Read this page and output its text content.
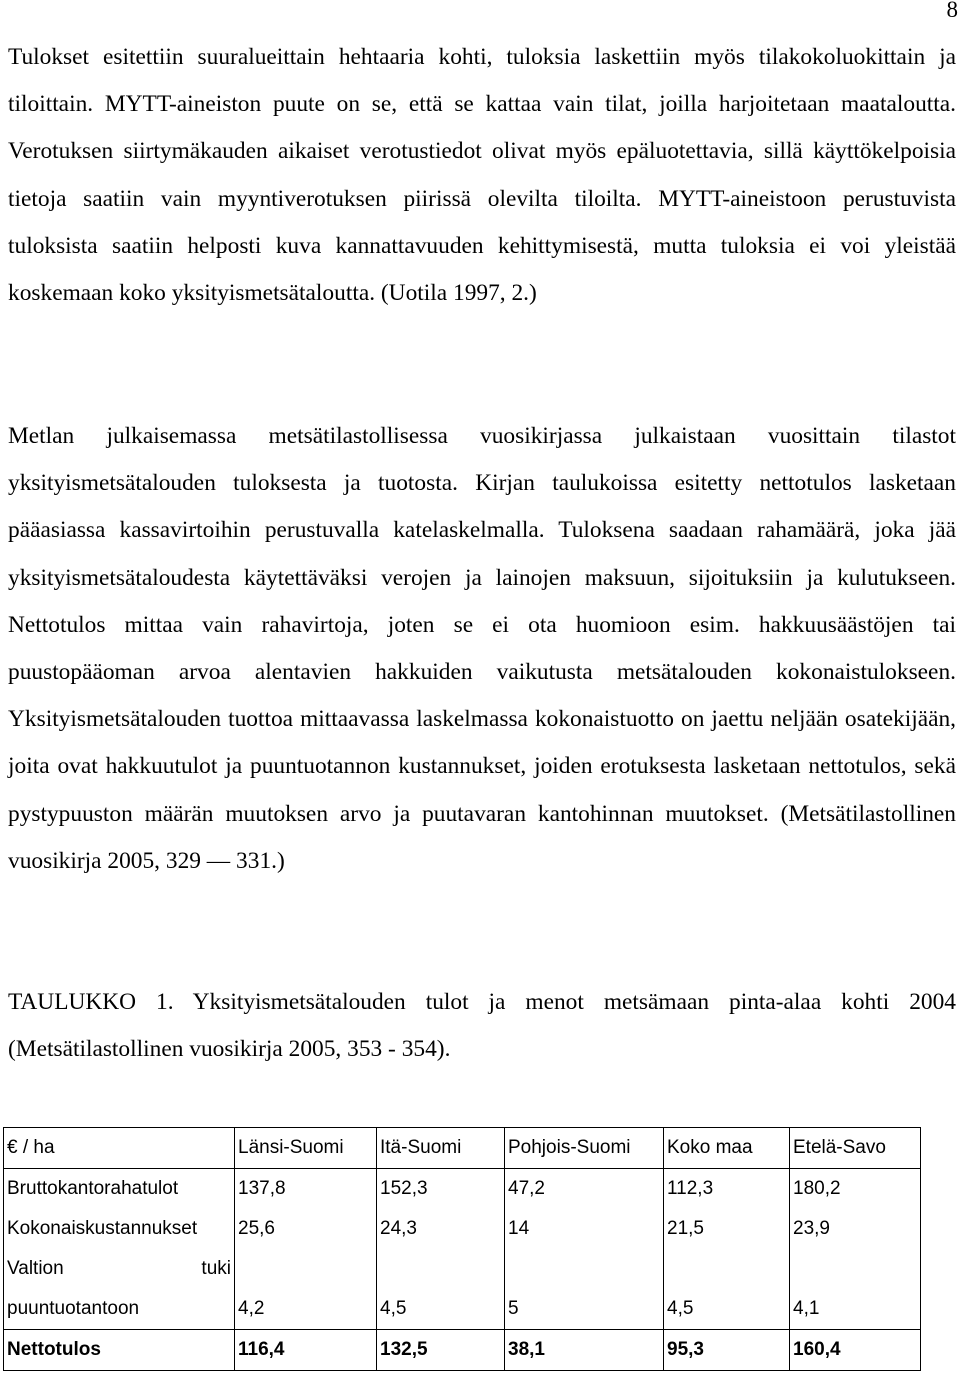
8

Tulokset esitettiin suuralueittain hehtaaria kohti, tuloksia laskettiin myös tilakokoluokittain ja tiloittain. MYTT-aineiston puute on se, että se kattaa vain tilat, joilla harjoitetaan maataloutta. Verotuksen siirtymäkauden aikaiset verotustiedot olivat myös epäluotettavia, sillä käyttökelpoisia tietoja saatiin vain myyntiverotuksen piirissä olevilta tiloilta. MYTT-aineistoon perustuvista tuloksista saatiin helposti kuva kannattavuuden kehittymisestä, mutta tuloksia ei voi yleistää koskemaan koko yksityismetsätaloutta. (Uotila 1997, 2.)

Metlan julkaisemassa metsätilastollisessa vuosikirjassa julkaistaan vuosittain tilastot yksityismetsätalouden tuloksesta ja tuotosta. Kirjan taulukoissa esitetty nettotulos lasketaan pääasiassa kassavirtoihin perustuvalla katelaskelmalla. Tuloksena saadaan rahamäärä, joka jää yksityismetsätaloudesta käytettäväksi verojen ja lainojen maksuun, sijoituksiin ja kulutukseen. Nettotulos mittaa vain rahavirtoja, joten se ei ota huomioon esim. hakkuusäästöjen tai puustopääoman arvoa alentavien hakkuiden vaikutusta metsätalouden kokonaistulokseen. Yksityismetsätalouden tuottoa mittaavassa laskelmassa kokonaistuotto on jaettu neljään osatekijään, joita ovat hakkuutulot ja puuntuotannon kustannukset, joiden erotuksesta lasketaan nettotulos, sekä pystypuuston määrän muutoksen arvo ja puutavaran kantohinnan muutokset. (Metsätilastollinen vuosikirja 2005, 329 — 331.)

TAULUKKO 1. Yksityismetsätalouden tulot ja menot metsämaan pinta-alaa kohti 2004 (Metsätilastollinen vuosikirja 2005, 353 - 354).

€ / ha	Länsi-Suomi	Itä-Suomi	Pohjois-Suomi	Koko maa	Etelä-Savo
Bruttokantorahatulot	137,8	152,3	47,2	112,3	180,2
Kokonaiskustannukset	25,6	24,3	14	21,5	23,9

Valtion tuki
puuntuotantoon	4,2	4,5	5	4,5	4,1
Nettotulos	116,4	132,5	38,1	95,3	160,4
